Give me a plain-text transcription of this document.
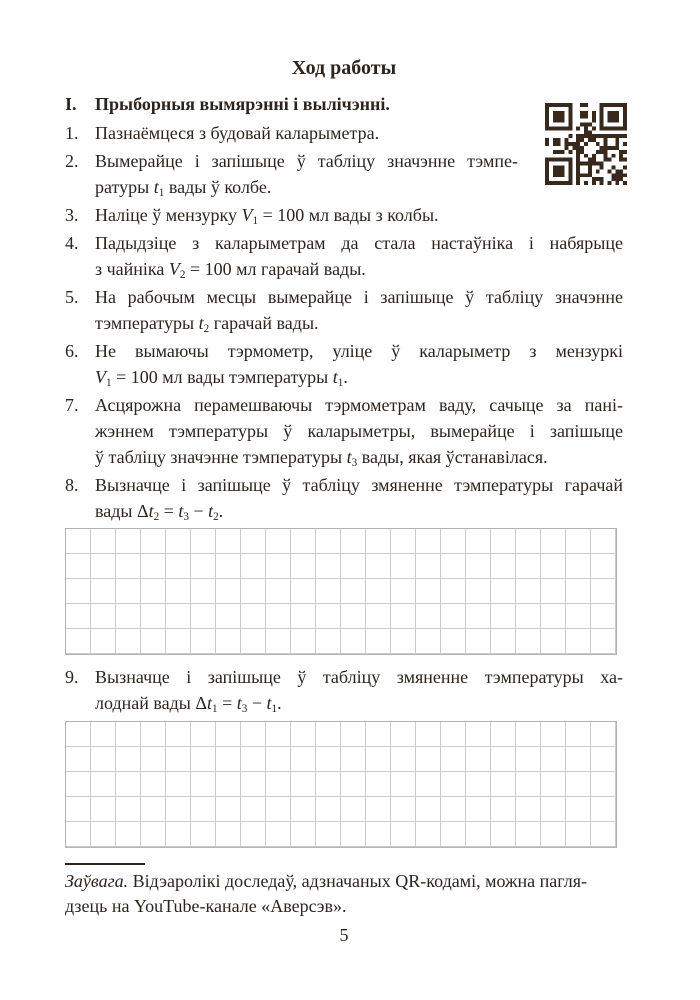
Ход работы
I.	Прыборныя вымярэнні і вылічэнні.
1. Пазнаёмцеся з будовай каларыметра.
2. Вымерайце і запішыце ў табліцу значэнне тэмпе-
ратуры $t_1$ вады ў колбе.
3. Наліце ў мензурку $V_1 = 100$ мл вады з колбы.
4. Падыдзіце з каларыметрам да стала настаўніка і набярыце
з чайніка $V_2 = 100$ мл гарачай вады.
5. На рабочым месцы вымерайце і запішыце ў табліцу значэнне
тэмпературы $t_2$ гарачай вады.
6. Не вымаючы тэрмометр, уліце ў каларыметр з мензуркі
$V_1 = 100$ мл вады тэмпературы $t_1$.
7. Асцярожна перамешваючы тэрмометрам ваду, сачыце за пані-
жэннем тэмпературы ў каларыметры, вымерайце і запішыце
ў табліцу значэнне тэмпературы $t_3$ вады, якая ўстанавілася.
8. Вызначце і запішыце ў табліцу змяненне тэмпературы гарачай
вады $\Delta t_2 = t_3 - t_2$.
9. Вызначце і запішыце ў табліцу змяненне тэмпературы ха-
лоднай вады $\Delta t_1 = t_3 - t_1$.
Заўвага. Відэаролікі доследаў, адзначаных QR-кодамі, можна пагля-
дзець на YouTube-канале «Аверсэв».
5
